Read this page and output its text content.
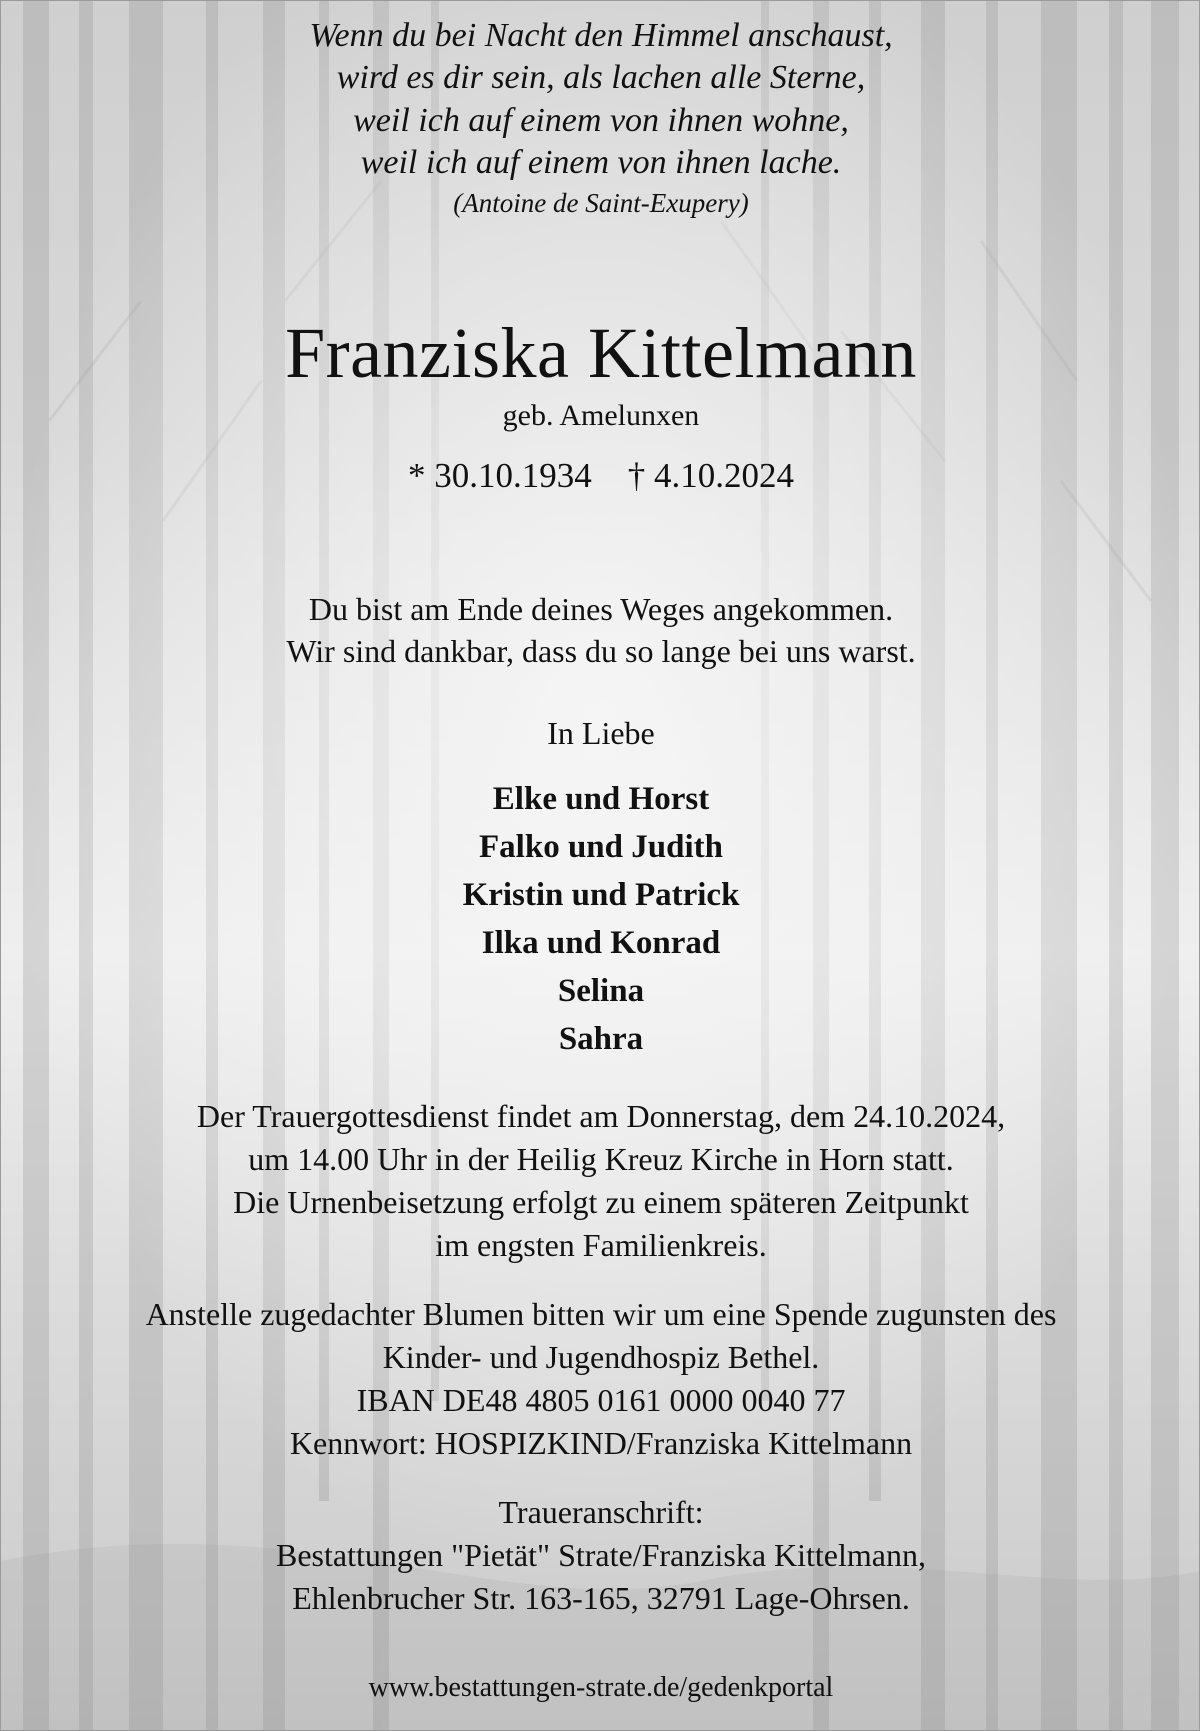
Wenn du bei Nacht den Himmel anschaust,
wird es dir sein, als lachen alle Sterne,
weil ich auf einem von ihnen wohne,
weil ich auf einem von ihnen lache.
(Antoine de Saint-Exupery)
Franziska Kittelmann
geb. Amelunxen
* 30.10.1934 † 4.10.2024
Du bist am Ende deines Weges angekommen.
Wir sind dankbar, dass du so lange bei uns warst.
In Liebe
Elke und Horst
Falko und Judith
Kristin und Patrick
Ilka und Konrad
Selina
Sahra
Der Trauergottesdienst findet am Donnerstag, dem 24.10.2024,
um 14.00 Uhr in der Heilig Kreuz Kirche in Horn statt.
Die Urnenbeisetzung erfolgt zu einem späteren Zeitpunkt
im engsten Familienkreis.
Anstelle zugedachter Blumen bitten wir um eine Spende zugunsten des
Kinder- und Jugendhospiz Bethel.
IBAN DE48 4805 0161 0000 0040 77
Kennwort: HOSPIZKIND/Franziska Kittelmann
Traueranschrift:
Bestattungen "Pietät" Strate/Franziska Kittelmann,
Ehlenbrucher Str. 163-165, 32791 Lage-Ohrsen.
www.bestattungen-strate.de/gedenkportal
